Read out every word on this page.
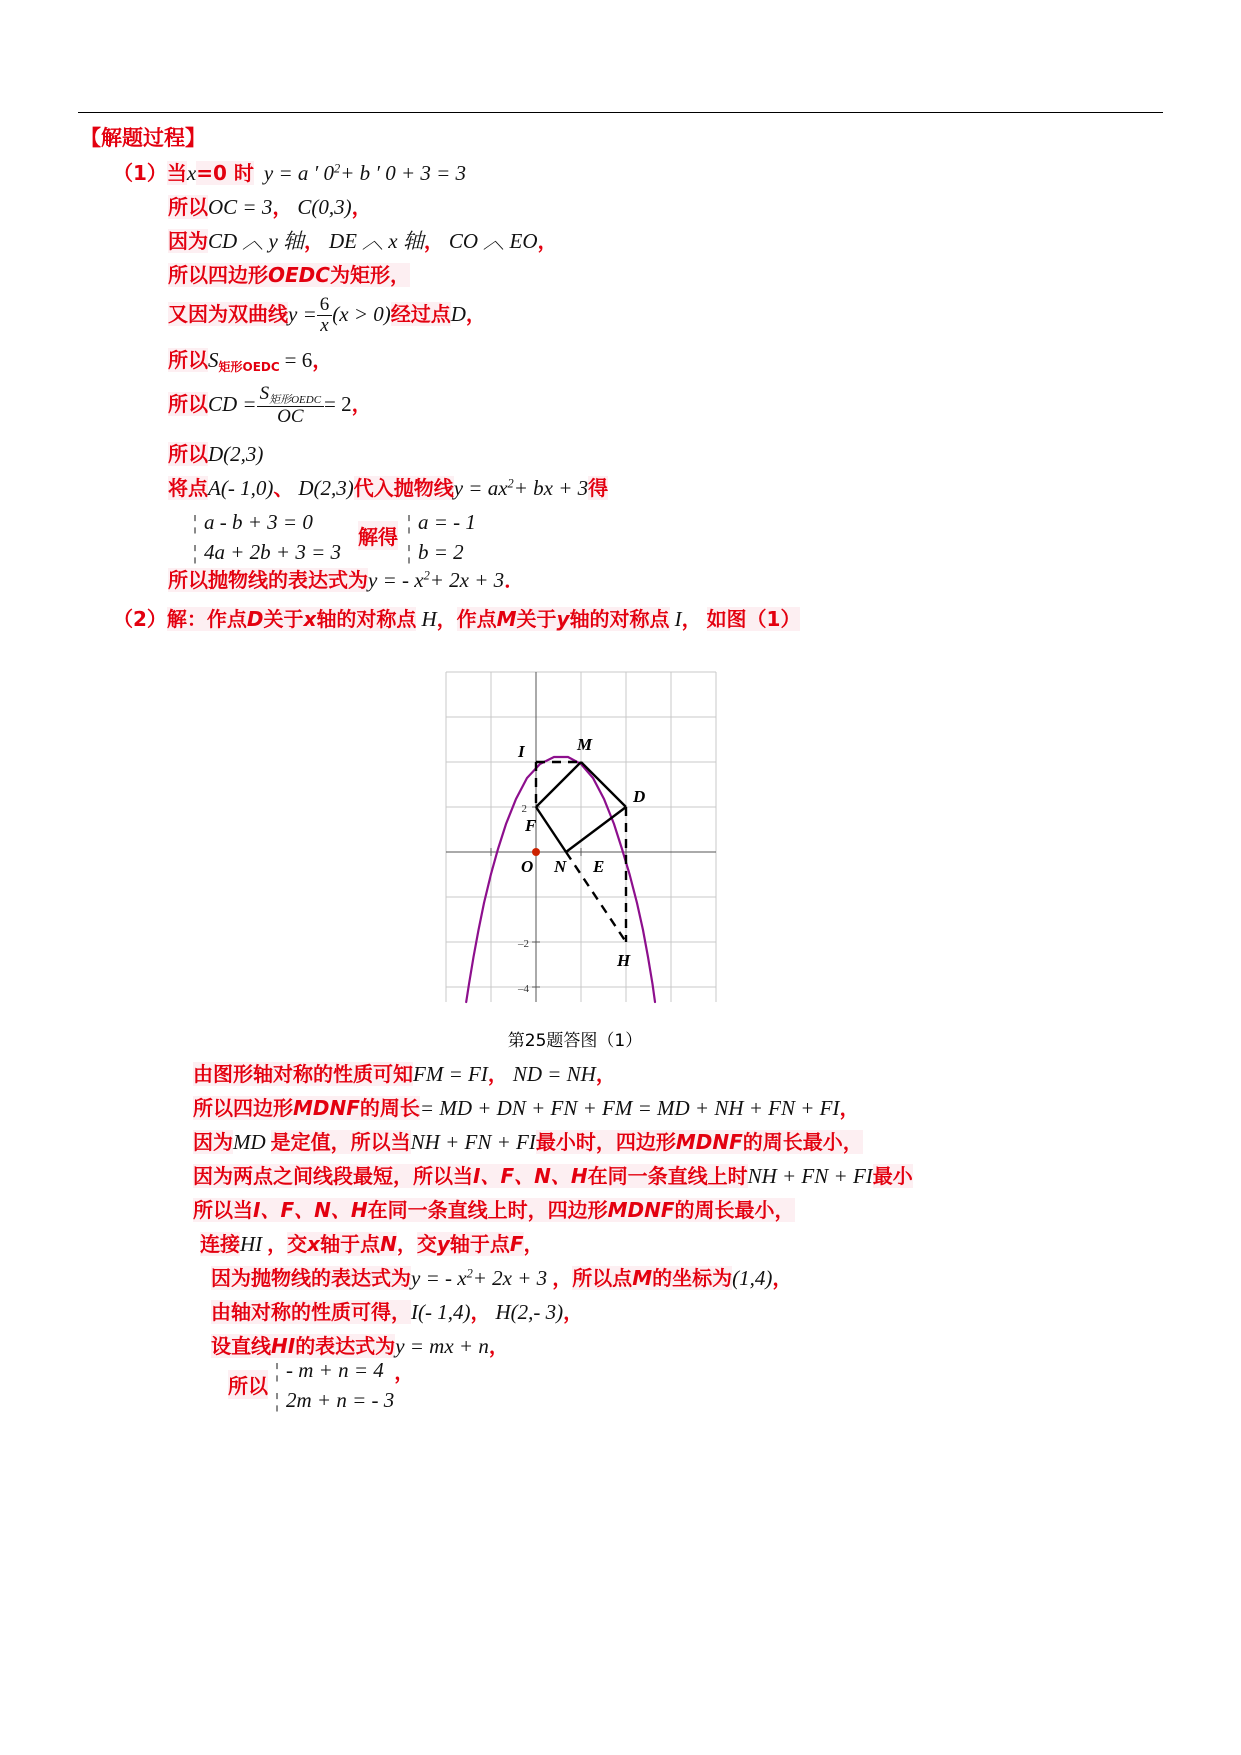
【解题过程】
（1）当x=0 时 y = a ′ $0^2+ b$ ′ 0 + 3 = 3
所以OC = 3， C(0,3)，
因为CD ︿ y 轴， DE ︿ x 轴， CO ︿ EO，
所以四边形OEDC为矩形，
又因为双曲线$y = \frac{6}{x} (x > 0)$经过点D，
所以$S_{矩形OEDC} = 6$，
所以CD = $\frac{S_{矩形OEDC}}{OC} = 2$，
所以D(2,3)
将点A(- 1,0)、 D(2,3)代入抛物线$y = ax^2+$ bx + 3得
¦ a - b + 3 = 0
¦ 4a + 2b + 3 = 3
解得
¦ a = - 1
¦ b = 2
所以抛物线的表达式为y = - $x^2+ 2x + 3$．
（2）解：作点D关于x轴的对称点 H，作点M关于y轴的对称点 I， 如图（1）
2
–2
–4
I	M
D
F
O N E
H
第25题答图（1）
由图形轴对称的性质可知FM = FI， ND = NH，
所以四边形MDNF的周长= MD + DN + FN + FM = MD + NH + FN + FI，
因为MD 是定值，所以当NH + FN + FI最小时，四边形MDNF的周长最小，
因为两点之间线段最短，所以当I、F、N、H在同一条直线上时NH + FN + FI最小
所以当I、F、N、H在同一条直线上时，四边形MDNF的周长最小，
连接HI ，交x轴于点N，交y轴于点F，
因为抛物线的表达式为y = - $x^2+ 2x + 3$ ，所以点M的坐标为(1,4)，
由轴对称的性质可得，I(- 1,4)， H(2,- 3)，
设直线HI的表达式为y = mx + n，
所以
¦ - m + n = 4
¦ 2m + n = - 3
，
